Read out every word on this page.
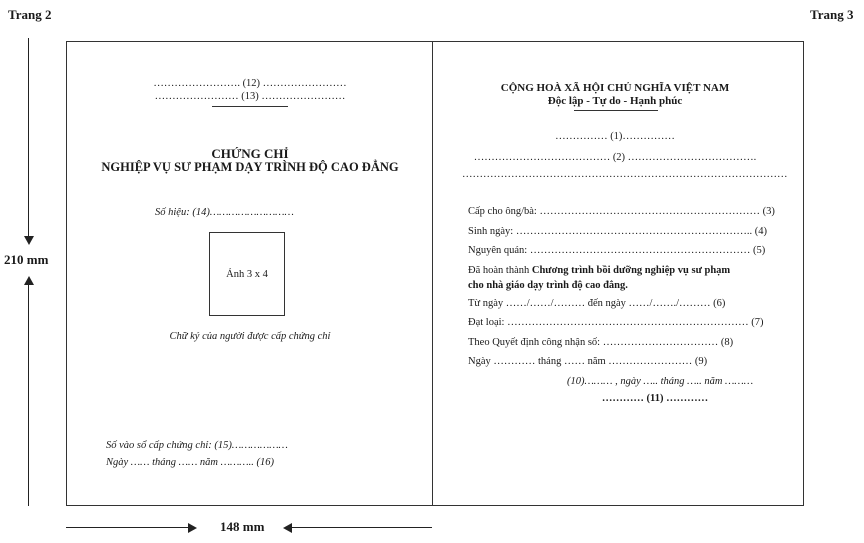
Trang 2	Trang 3
210 mm
148 mm
……………………. (12) ……………………
…………………… (13) ……………………
CHỨNG CHỈ
NGHIỆP VỤ SƯ PHẠM DẠY TRÌNH ĐỘ CAO ĐẲNG
Số hiệu: (14)………………………
Ảnh 3 x 4
Chữ ký của người được cấp chứng chỉ
Số vào sổ cấp chứng chỉ: (15)………………
Ngày …… tháng …… năm ……….. (16)
CỘNG HOÀ XÃ HỘI CHỦ NGHĨA VIỆT NAM
Độc lập - Tự do - Hạnh phúc
…………… (1)……………
………………………………… (2) ……………………………….
…………………………………………………………………………………
Cấp cho ông/bà: ……………………………………………………… (3)
Sinh ngày: ………………………………………………………….. (4)
Nguyên quán: ……………………………………………………… (5)
Đã hoàn thành Chương trình bồi dưỡng nghiệp vụ sư phạm
cho nhà giáo dạy trình độ cao đẳng.
Từ ngày ……/……/……… đến ngày ……/……./……… (6)
Đạt loại: …………………………………………………………… (7)
Theo Quyết định công nhận số: …………………………… (8)
Ngày ………… tháng …… năm …………………… (9)
(10)……… , ngày ….. tháng ….. năm ………
………… (11) …………
